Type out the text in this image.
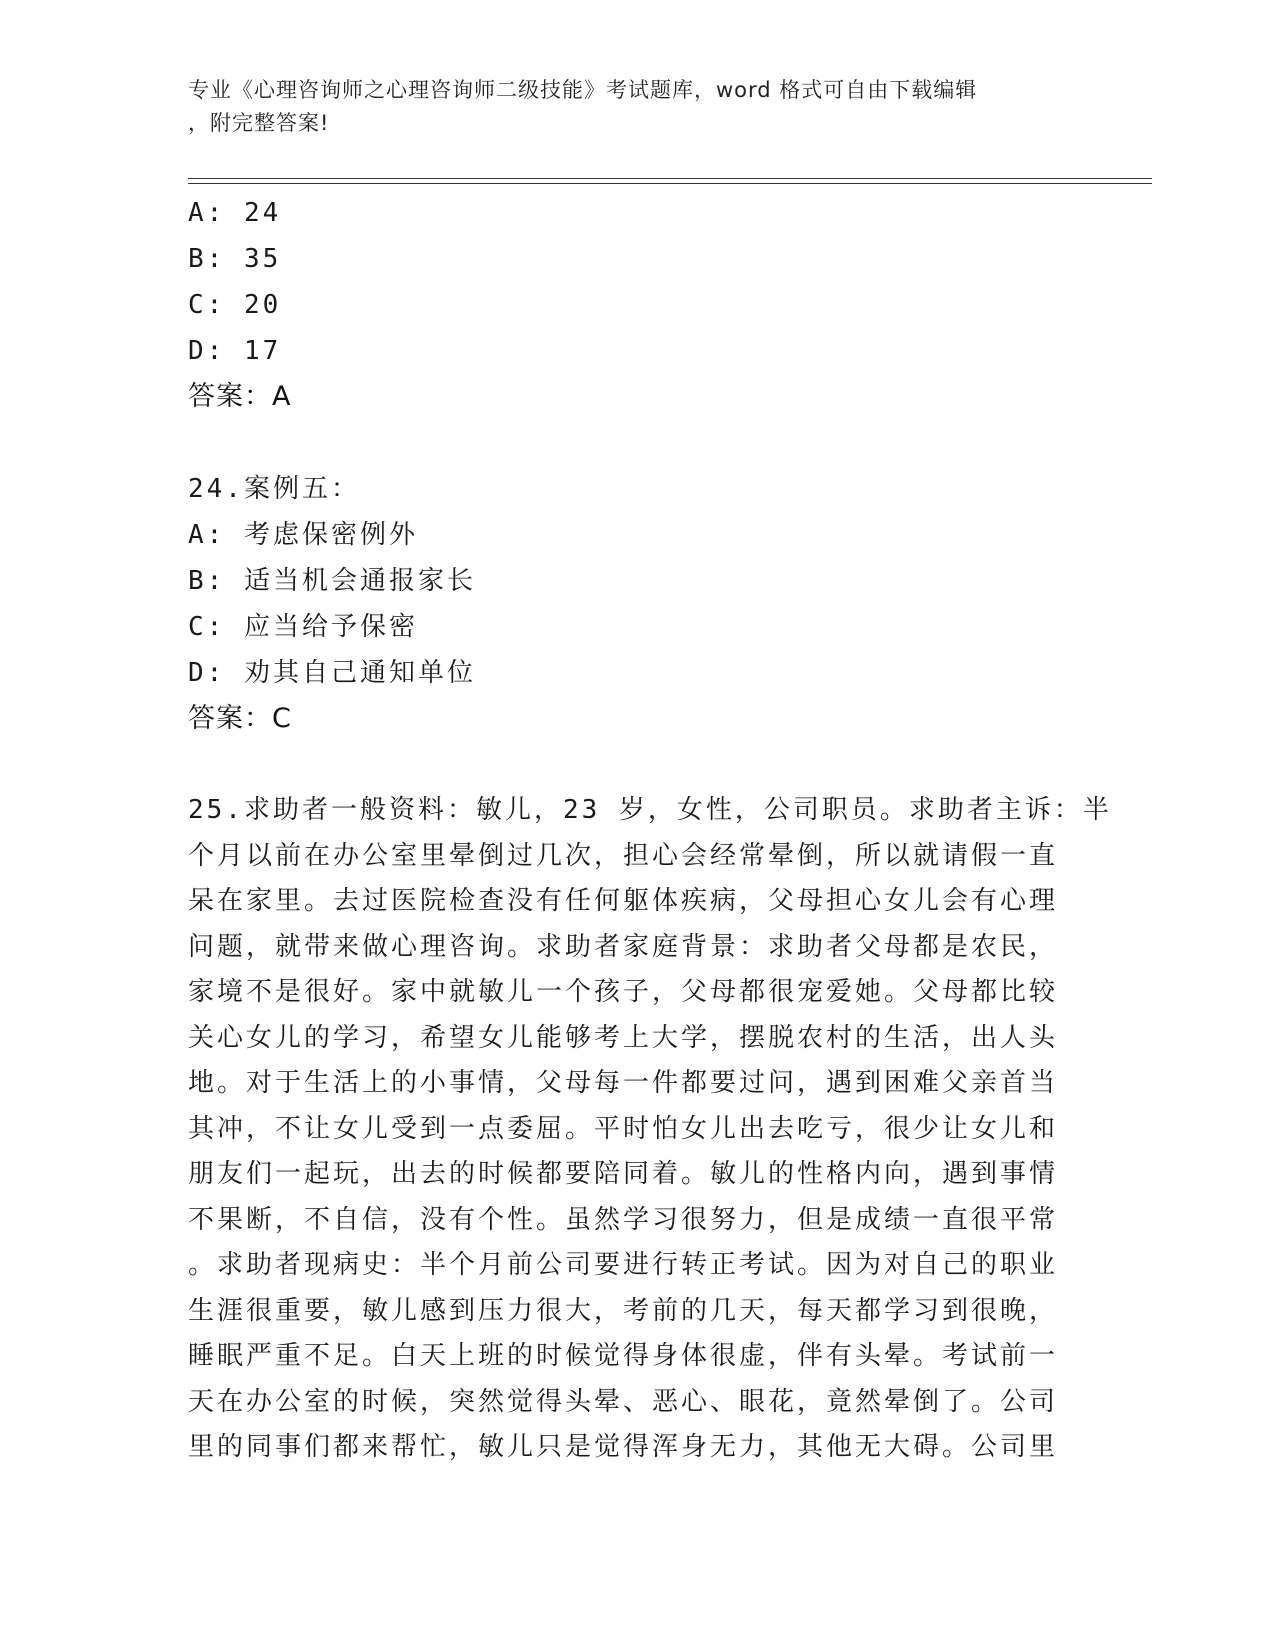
专业《心理咨询师之心理咨询师二级技能》考试题库，word 格式可自由下载编辑
，附完整答案!
A: 24
B: 35
C: 20
D: 17
答案：A
24.案例五：
A: 考虑保密例外
B: 适当机会通报家长
C: 应当给予保密
D: 劝其自己通知单位
答案：C
25.求助者一般资料：敏儿，23 岁，女性，公司职员。求助者主诉：半
个月以前在办公室里晕倒过几次，担心会经常晕倒，所以就请假一直
呆在家里。去过医院检查没有任何躯体疾病，父母担心女儿会有心理
问题，就带来做心理咨询。求助者家庭背景：求助者父母都是农民，
家境不是很好。家中就敏儿一个孩子，父母都很宠爱她。父母都比较
关心女儿的学习，希望女儿能够考上大学，摆脱农村的生活，出人头
地。对于生活上的小事情，父母每一件都要过问，遇到困难父亲首当
其冲，不让女儿受到一点委屈。平时怕女儿出去吃亏，很少让女儿和
朋友们一起玩，出去的时候都要陪同着。敏儿的性格内向，遇到事情
不果断，不自信，没有个性。虽然学习很努力，但是成绩一直很平常
。求助者现病史：半个月前公司要进行转正考试。因为对自己的职业
生涯很重要，敏儿感到压力很大，考前的几天，每天都学习到很晚，
睡眠严重不足。白天上班的时候觉得身体很虚，伴有头晕。考试前一
天在办公室的时候，突然觉得头晕、恶心、眼花，竟然晕倒了。公司
里的同事们都来帮忙，敏儿只是觉得浑身无力，其他无大碍。公司里
